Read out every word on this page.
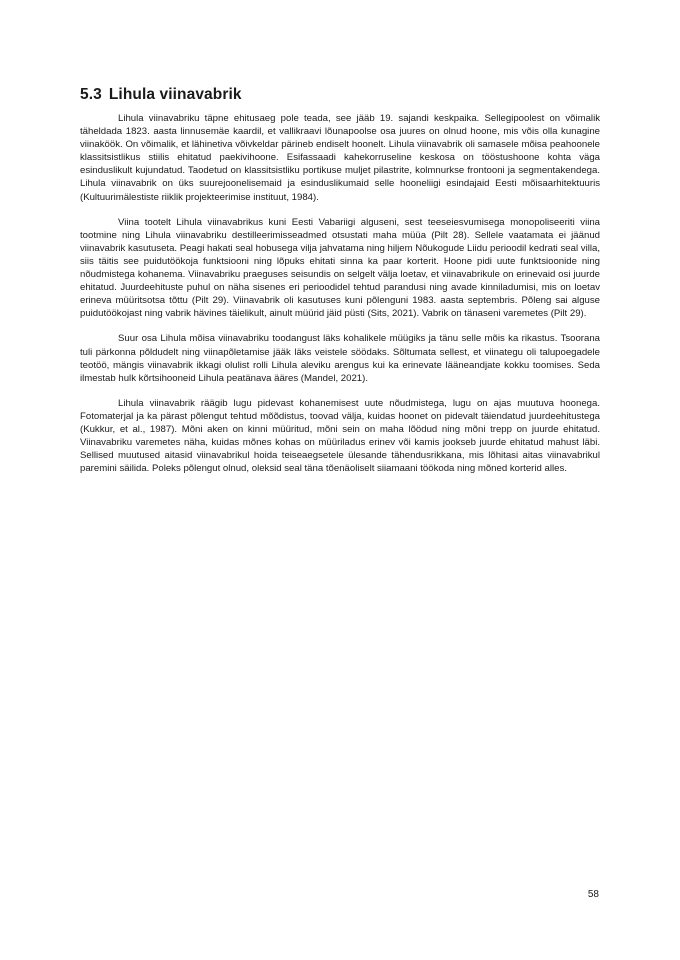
5.3 Lihula viinavabrik

Lihula viinavabriku täpne ehitusaeg pole teada, see jääb 19. sajandi keskpaika. Sellegipoolest on võimalik täheldada 1823. aasta linnusemäe kaardil, et vallikraavi lõunapoolse osa juures on olnud hoone, mis võis olla kunagine viinaköök. On võimalik, et lähinetiva võivkeldar pärineb endiselt hoonelt. Lihula viinavabrik oli samasele mõisa peahoonele klassitsistlikus stiilis ehitatud paekivihoone. Esifassaadi kahekorruseline keskosa on tööstushoone kohta väga esinduslikult kujundatud. Taodetud on klassitsistliku portikuse muljet pilastrite, kolmnurkse frontooni ja segmentakendega. Lihula viinavabrik on üks suurejoonelisemaid ja esinduslikumaid selle hooneliigi esindajaid Eesti mõisaarhitektuuris (Kultuurimälestiste riiklik projekteerimise instituut, 1984).

Viina tootelt Lihula viinavabrikus kuni Eesti Vabariigi alguseni, sest teeseiesvumisega monopoliseeriti viina tootmine ning Lihula viinavabriku destilleerimisseadmed otsustati maha müüa (Pilt 28). Sellele vaatamata ei jäänud viinavabrik kasutuseta. Peagi hakati seal hobusega vilja jahvatama ning hiljem Nõukogude Liidu perioodil kedrati seal villa, siis täitis see puidutöökoja funktsiooni ning lõpuks ehitati sinna ka paar korterit. Hoone pidi uute funktsioonide ning nõudmistega kohanema. Viinavabriku praeguses seisundis on selgelt välja loetav, et viinavabrikule on erinevaid osi juurde ehitatud. Juurdeehituste puhul on näha sisenes eri perioodidel tehtud parandusi ning avade kinniladumisi, mis on loetav erineva müüritsotsa tõttu (Pilt 29). Viinavabrik oli kasutuses kuni põlenguni 1983. aasta septembris. Põleng sai alguse puidutöökojast ning vabrik hävines täielikult, ainult müürid jäid püsti (Sits, 2021). Vabrik on tänaseni varemetes (Pilt 29).

Suur osa Lihula mõisa viinavabriku toodangust läks kohalikele müügiks ja tänu selle mõis ka rikastus. Tsoorana tuli pärkonna põldudelt ning viinapõletamise jääk läks veistele söödaks. Sõltumata sellest, et viinategu oli talupoegadele teotöö, mängis viinavabrik ikkagi olulist rolli Lihula aleviku arengus kui ka erinevate lääneandjate kokku toomises. Seda ilmestab hulk kõrtsihooneid Lihula peatänava ääres (Mandel, 2021).

Lihula viinavabrik räägib lugu pidevast kohanemisest uute nõudmistega, lugu on ajas muutuva hoonega. Fotomaterjal ja ka pärast põlengut tehtud mõõdistus, toovad välja, kuidas hoonet on pidevalt täiendatud juurdeehitustega (Kukkur, et al., 1987). Mõni aken on kinni müüritud, mõni sein on maha lõödud ning mõni trepp on juurde ehitatud. Viinavabriku varemetes näha, kuidas mõnes kohas on müüriladus erinev või kamis jookseb juurde ehitatud mahust läbi. Sellised muutused aitasid viinavabrikul hoida teiseaegsetele ülesande tähendusrikkana, mis lõhitasi aitas viinavabrikul paremini säilida. Poleks põlengut olnud, oleksid seal täna tõenäoliselt siiamaani töökoda ning mõned korterid alles.

58
